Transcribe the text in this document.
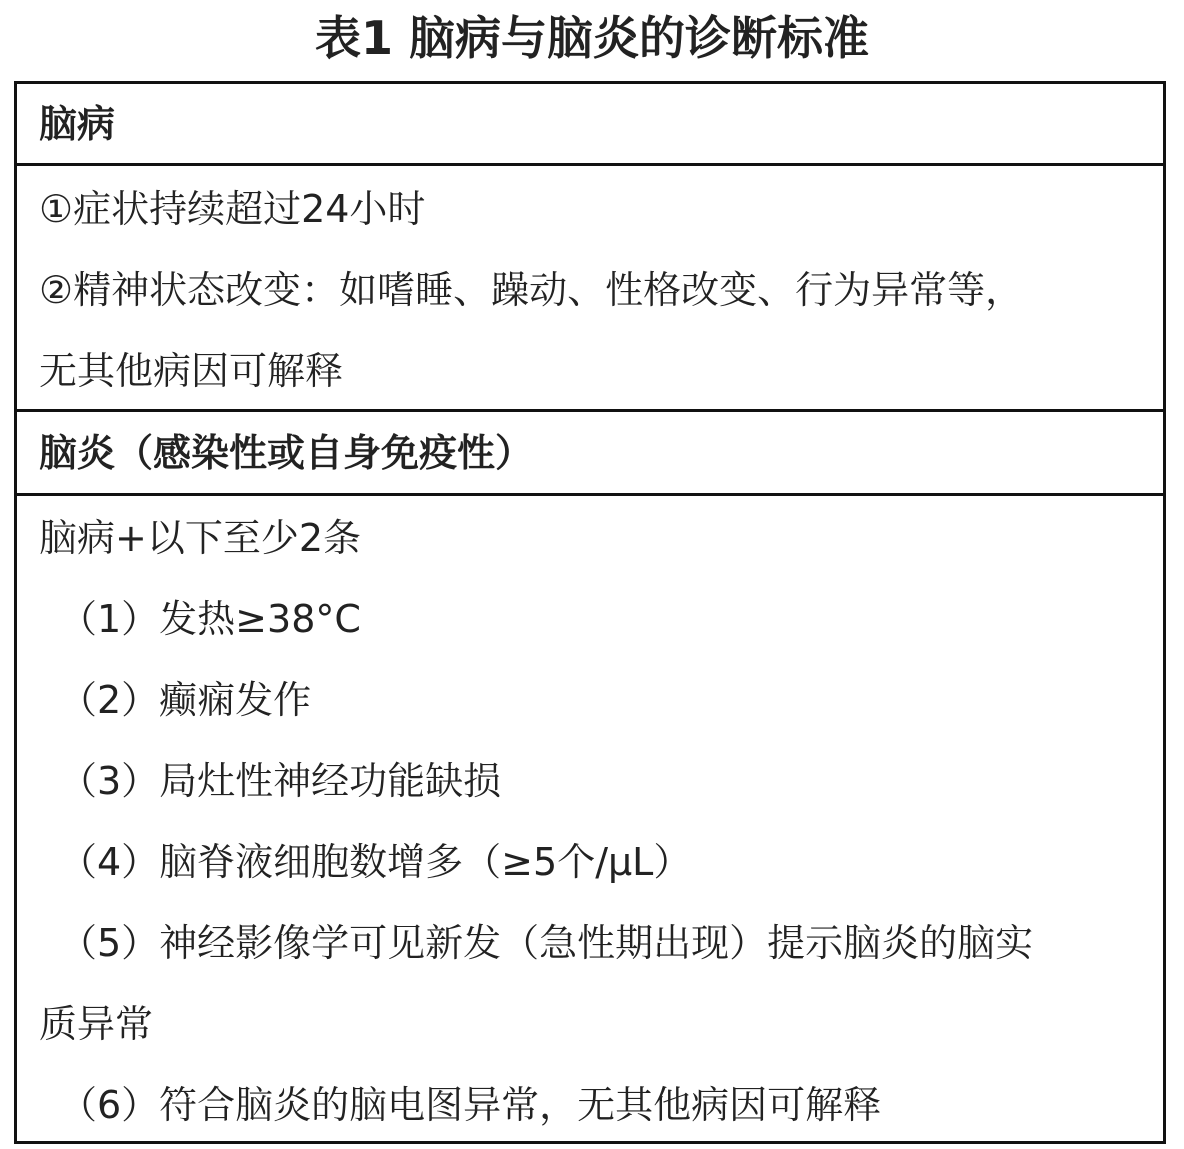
表1 脑病与脑炎的诊断标准
脑病
①症状持续超过24小时
②精神状态改变：如嗜睡、躁动、性格改变、行为异常等，
无其他病因可解释
脑炎（感染性或自身免疫性）
脑病+以下至少2条
（1）发热≥38°C
（2）癫痫发作
（3）局灶性神经功能缺损
（4）脑脊液细胞数增多（≥5个/μL）
（5）神经影像学可见新发（急性期出现）提示脑炎的脑实
质异常
（6）符合脑炎的脑电图异常，无其他病因可解释
